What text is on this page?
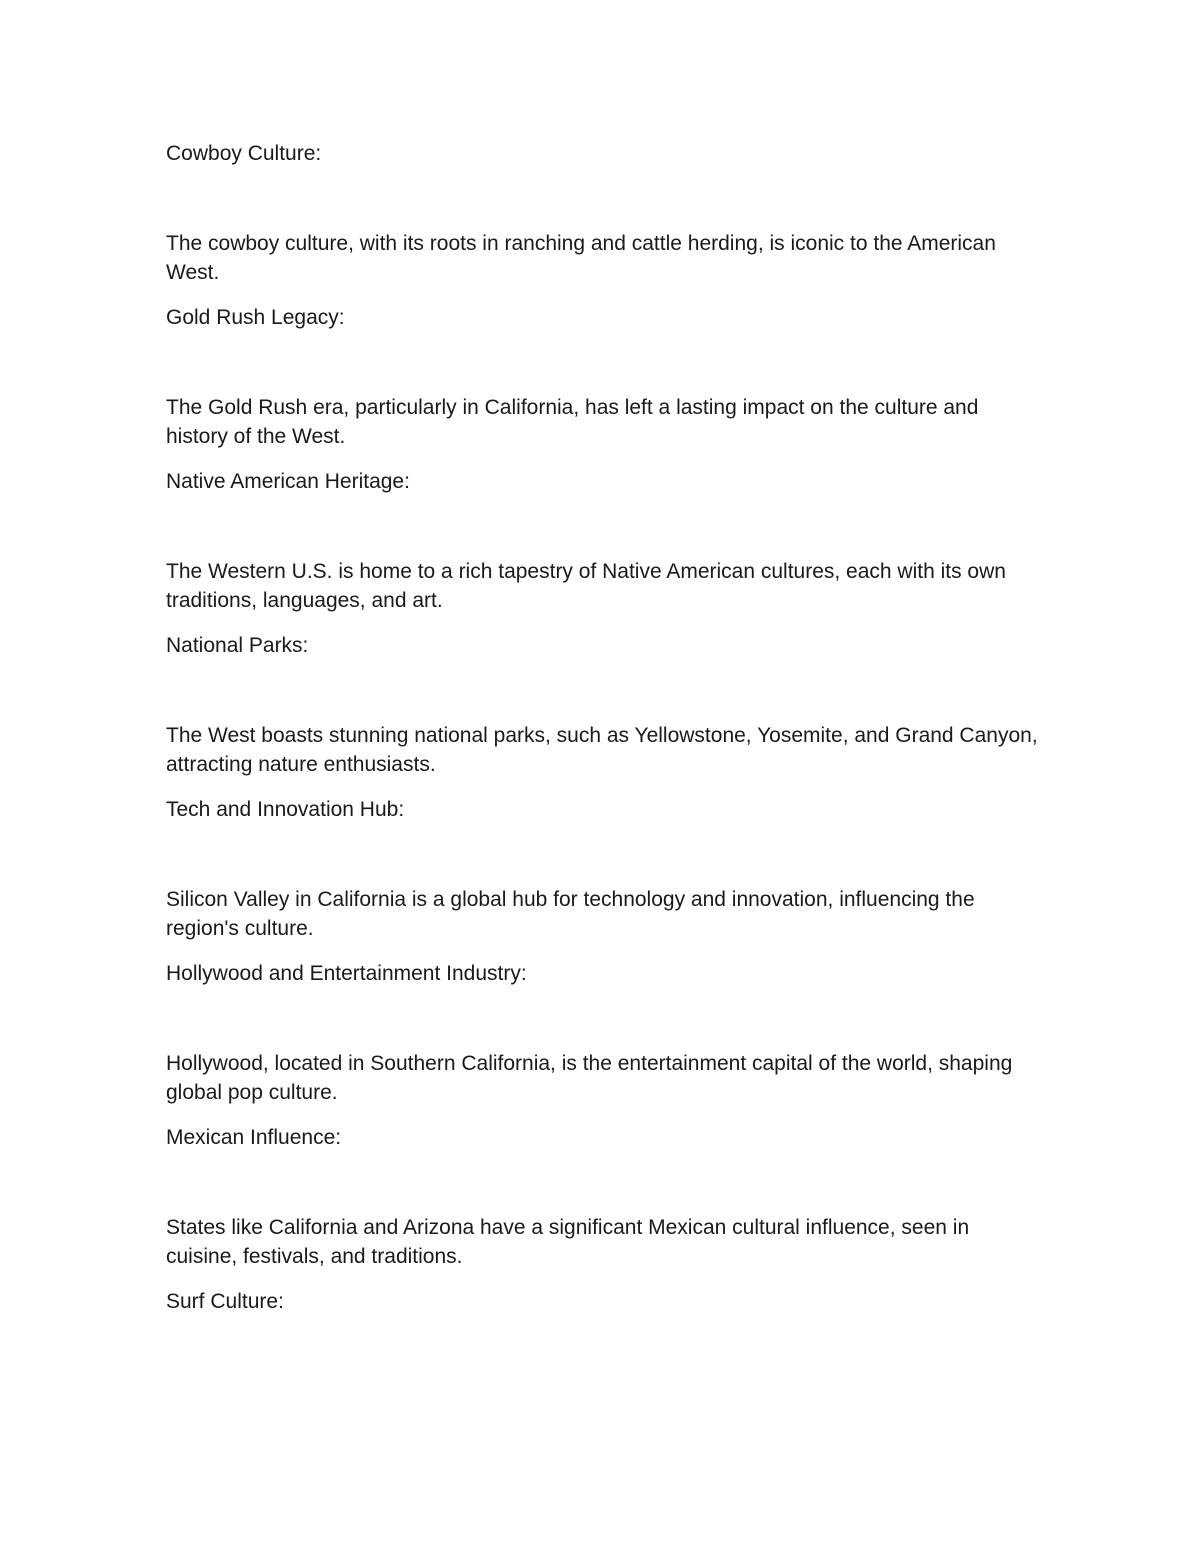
Cowboy Culture:

The cowboy culture, with its roots in ranching and cattle herding, is iconic to the American West.

Gold Rush Legacy:

The Gold Rush era, particularly in California, has left a lasting impact on the culture and history of the West.

Native American Heritage:

The Western U.S. is home to a rich tapestry of Native American cultures, each with its own traditions, languages, and art.

National Parks:

The West boasts stunning national parks, such as Yellowstone, Yosemite, and Grand Canyon, attracting nature enthusiasts.

Tech and Innovation Hub:

Silicon Valley in California is a global hub for technology and innovation, influencing the region's culture.

Hollywood and Entertainment Industry:

Hollywood, located in Southern California, is the entertainment capital of the world, shaping global pop culture.

Mexican Influence:

States like California and Arizona have a significant Mexican cultural influence, seen in cuisine, festivals, and traditions.

Surf Culture:
